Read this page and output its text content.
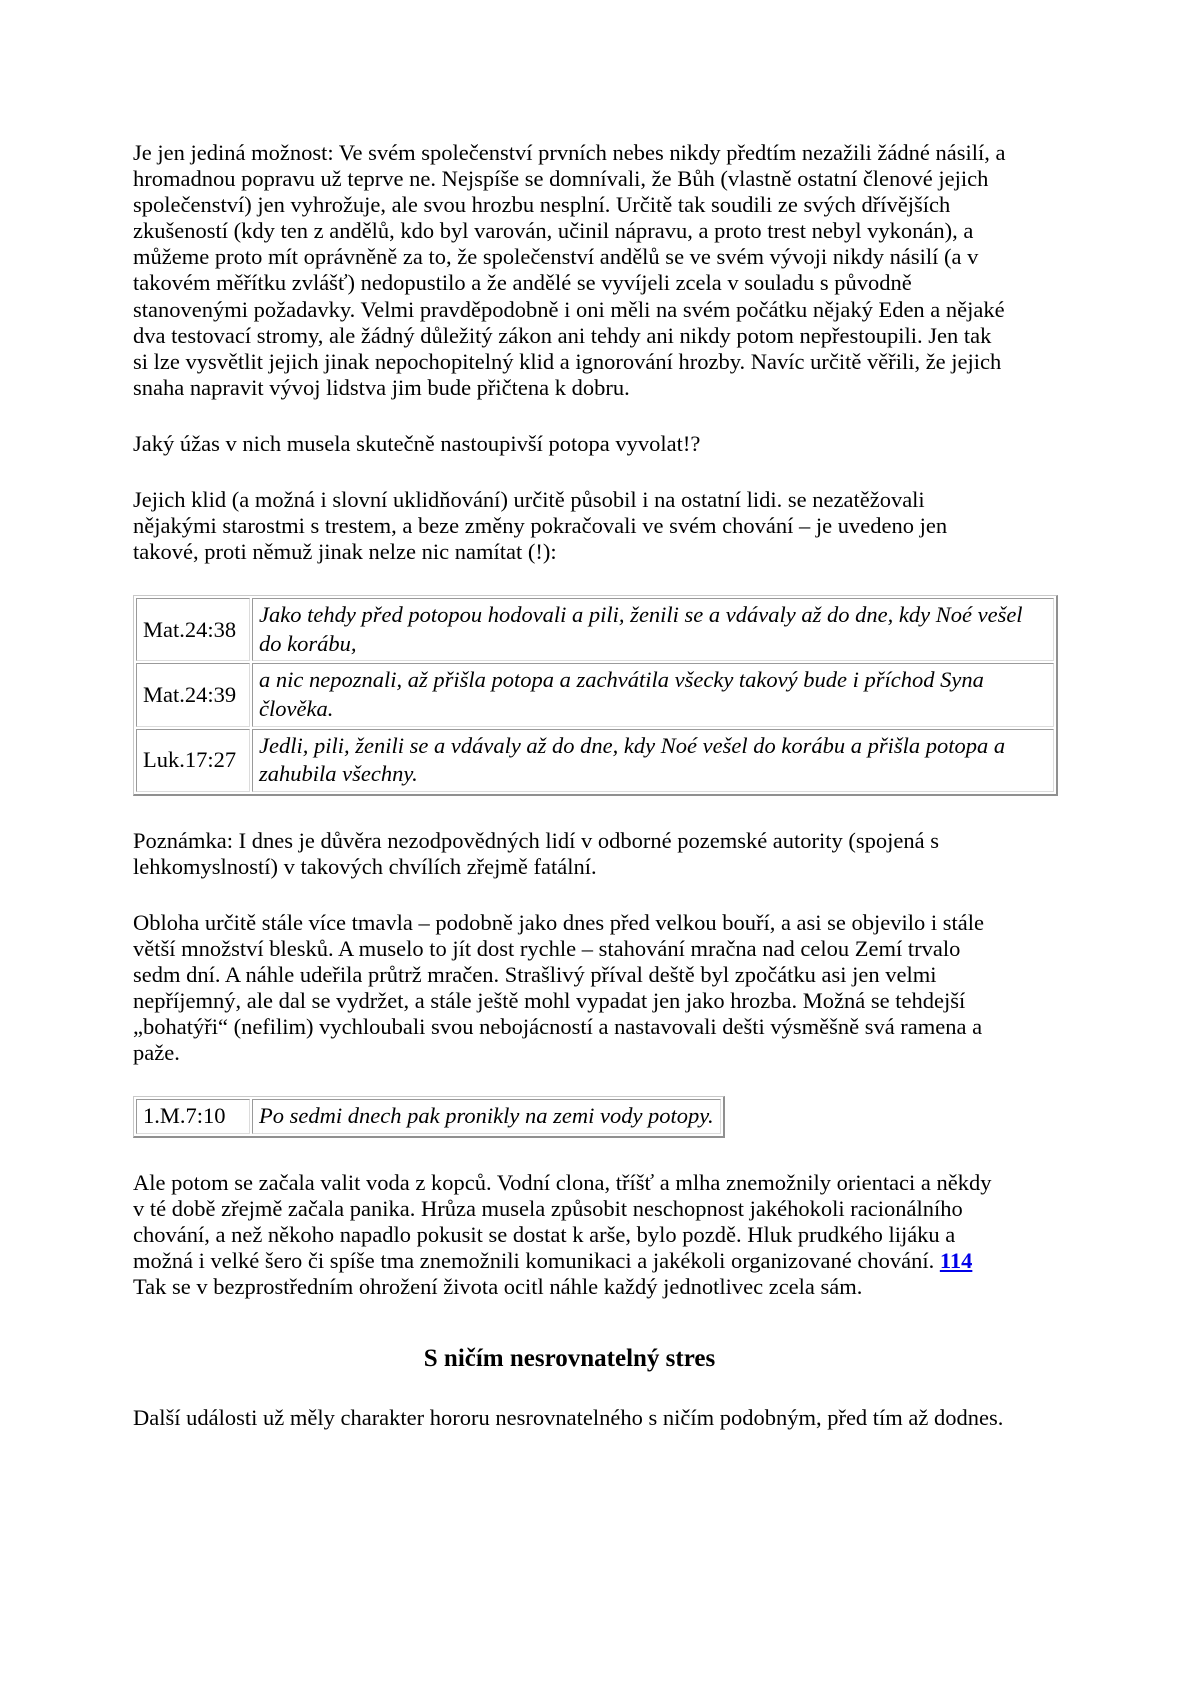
Je jen jediná možnost: Ve svém společenství prvních nebes nikdy předtím nezažili žádné násilí, a hromadnou popravu už teprve ne. Nejspíše se domnívali, že Bůh (vlastně ostatní členové jejich společenství) jen vyhrožuje, ale svou hrozbu nesplní. Určitě tak soudili ze svých dřívějších zkušeností (kdy ten z andělů, kdo byl varován, učinil nápravu, a proto trest nebyl vykonán), a můžeme proto mít oprávněně za to, že společenství andělů se ve svém vývoji nikdy násilí (a v takovém měřítku zvlášť) nedopustilo a že andělé se vyvíjeli zcela v souladu s původně stanovenými požadavky. Velmi pravděpodobně i oni měli na svém počátku nějaký Eden a nějaké dva testovací stromy, ale žádný důležitý zákon ani tehdy ani nikdy potom nepřestoupili. Jen tak si lze vysvětlit jejich jinak nepochopitelný klid a ignorování hrozby. Navíc určitě věřili, že jejich snaha napravit vývoj lidstva jim bude přičtena k dobru.

Jaký úžas v nich musela skutečně nastoupivší potopa vyvolat!?

Jejich klid (a možná i slovní uklidňování) určitě působil i na ostatní lidi. se nezatěžovali nějakými starostmi s trestem, a beze změny pokračovali ve svém chování – je uvedeno jen takové, proti němuž jinak nelze nic namítat (!):

Mat.24:38	Jako tehdy před potopou hodovali a pili, ženili se a vdávaly až do dne, kdy Noé vešel do korábu,
Mat.24:39	a nic nepoznali, až přišla potopa a zachvátila všecky takový bude i příchod Syna člověka.
Luk.17:27	Jedli, pili, ženili se a vdávaly až do dne, kdy Noé vešel do korábu a přišla potopa a zahubila všechny.

Poznámka: I dnes je důvěra nezodpovědných lidí v odborné pozemské autority (spojená s lehkomyslností) v takových chvílích zřejmě fatální.

Obloha určitě stále více tmavla – podobně jako dnes před velkou bouří, a asi se objevilo i stále větší množství blesků. A muselo to jít dost rychle – stahování mračna nad celou Zemí trvalo sedm dní. A náhle udeřila průtrž mračen. Strašlivý příval deště byl zpočátku asi jen velmi nepříjemný, ale dal se vydržet, a stále ještě mohl vypadat jen jako hrozba. Možná se tehdejší „bohatýři“ (nefilim) vychloubali svou nebojácností a nastavovali dešti výsměšně svá ramena a paže.

1.M.7:10	Po sedmi dnech pak pronikly na zemi vody potopy.

Ale potom se začala valit voda z kopců. Vodní clona, tříšť a mlha znemožnily orientaci a někdy v té době zřejmě začala panika. Hrůza musela způsobit neschopnost jakéhokoli racionálního chování, a než někoho napadlo pokusit se dostat k arše, bylo pozdě. Hluk prudkého lijáku a možná i velké šero či spíše tma znemožnili komunikaci a jakékoli organizované chování. 114 Tak se v bezprostředním ohrožení života ocitl náhle každý jednotlivec zcela sám.

S ničím nesrovnatelný stres

Další události už měly charakter hororu nesrovnatelného s ničím podobným, před tím až dodnes.
